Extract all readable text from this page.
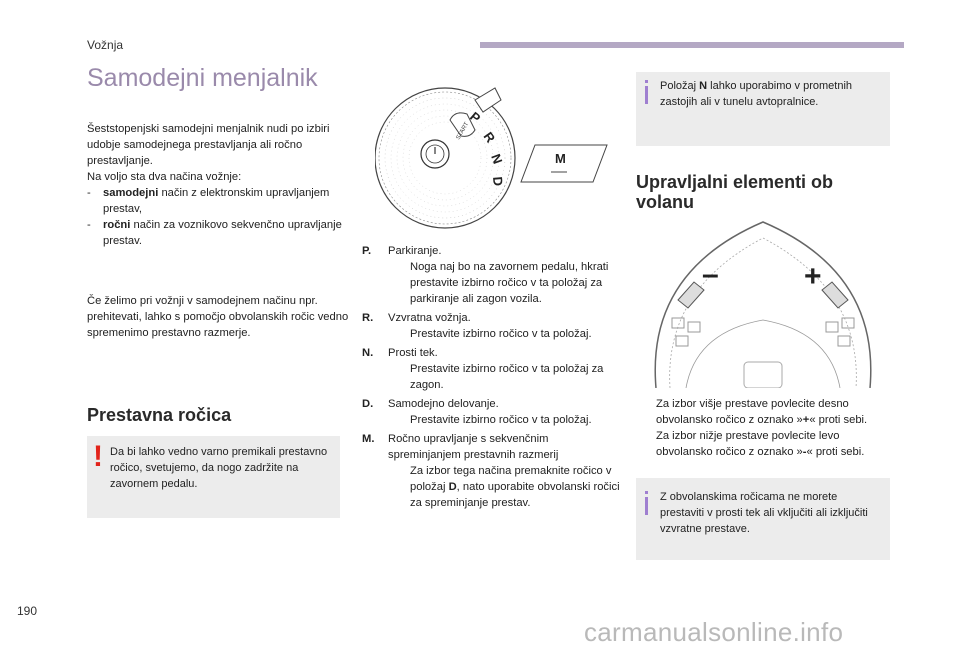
Vožnja
Samodejni menjalnik
Šeststopenjski samodejni menjalnik nudi po izbiri udobje samodejnega prestavljanja ali ročno prestavljanje.
Na voljo sta dva načina vožnje:
- samodejni način z elektronskim upravljanjem prestav,
- ročni način za voznikovo sekvenčno upravljanje prestav.
Če želimo pri vožnji v samodejnem načinu npr. prehitevati, lahko s pomočjo obvolanskih ročic vedno spremenimo prestavno razmerje.
Prestavna ročica
! Da bi lahko vedno varno premikali prestavno ročico, svetujemo, da nogo zadržite na zavornem pedalu.
START
P
R
N
D
M
P. Parkiranje.
Noga naj bo na zavornem pedalu, hkrati prestavite izbirno ročico v ta položaj za parkiranje ali zagon vozila.
R. Vzvratna vožnja.
Prestavite izbirno ročico v ta položaj.
N. Prosti tek.
Prestavite izbirno ročico v ta položaj za zagon.
D. Samodejno delovanje.
Prestavite izbirno ročico v ta položaj.
M. Ročno upravljanje s sekvenčnim spreminjanjem prestavnih razmerij
Za izbor tega načina premaknite ročico v položaj D, nato uporabite obvolanski ročici za spreminjanje prestav.
Položaj N lahko uporabimo v prometnih zastojih ali v tunelu avtopralnice.
Upravljalni elementi ob volanu
–	+
Za izbor višje prestave povlecite desno obvolansko ročico z oznako »+« proti sebi.
Za izbor nižje prestave povlecite levo obvolansko ročico z oznako »-« proti sebi.
Z obvolanskima ročicama ne morete prestaviti v prosti tek ali vključiti ali izključiti vzvratne prestave.
190
carmanualsonline.info
